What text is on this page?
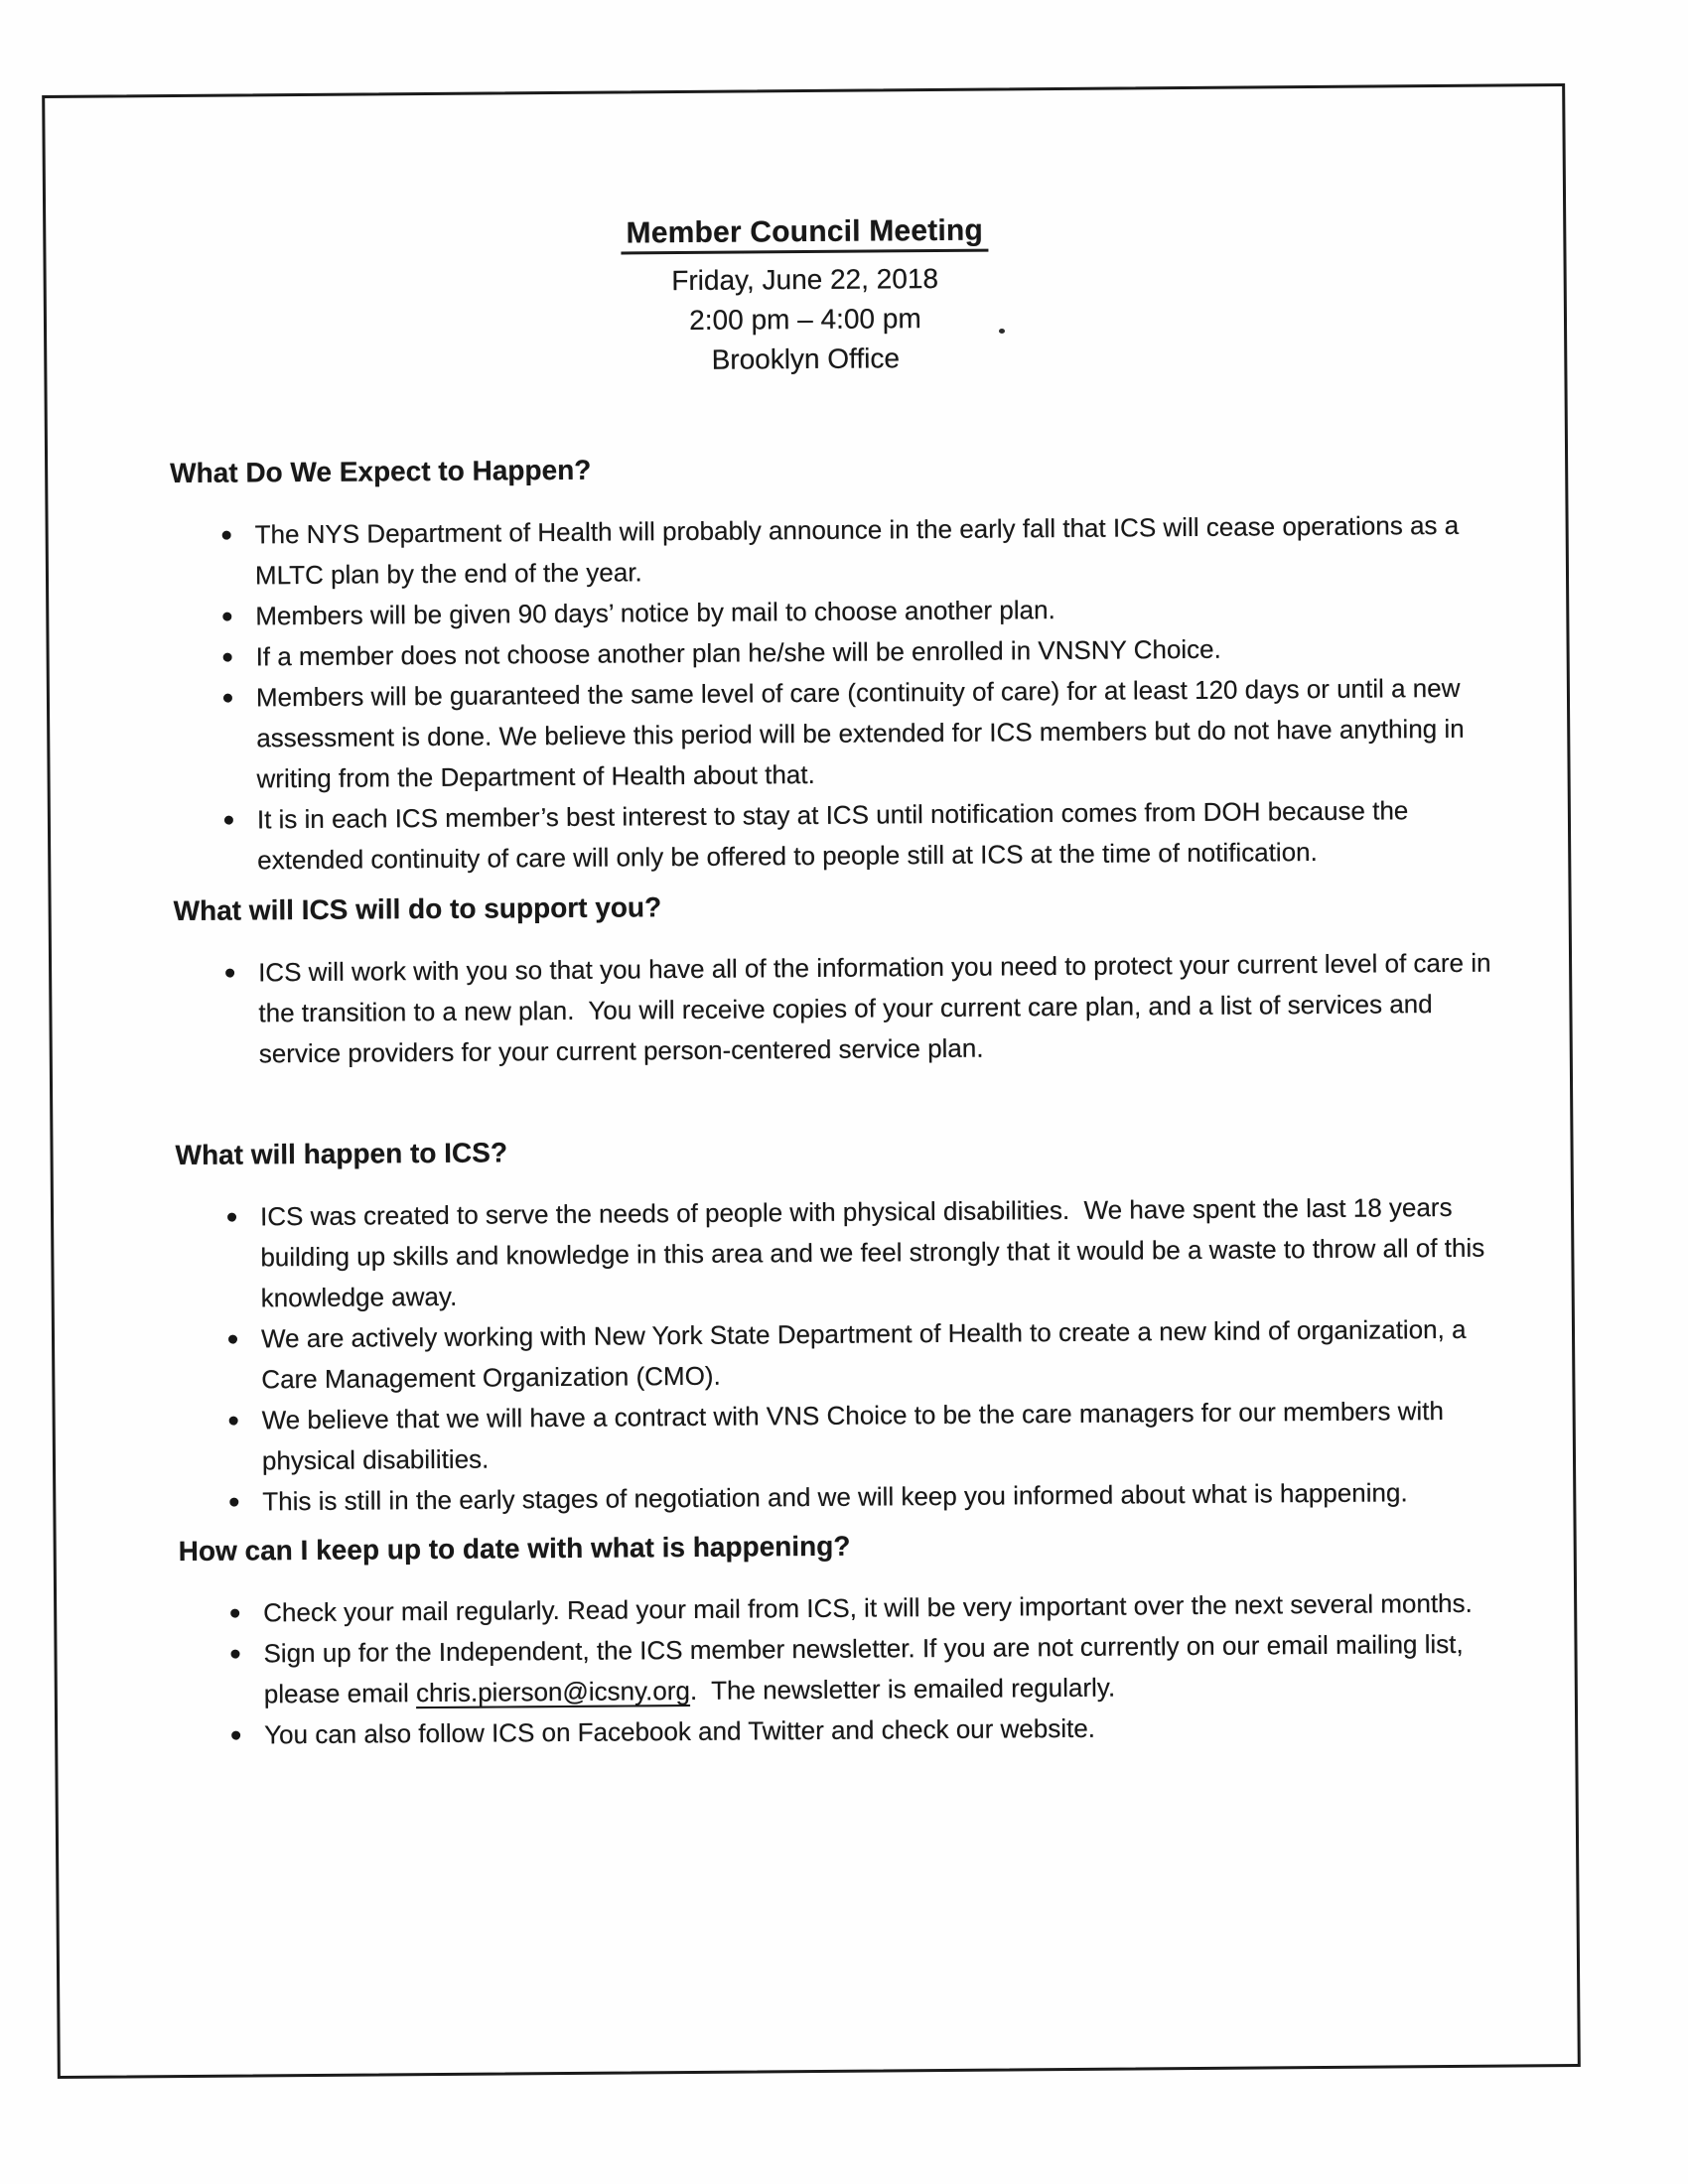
Member Council Meeting
Friday, June 22, 2018
2:00 pm – 4:00 pm
Brooklyn Office
What Do We Expect to Happen?
The NYS Department of Health will probably announce in the early fall that ICS will cease operations as a MLTC plan by the end of the year.
Members will be given 90 days’ notice by mail to choose another plan.
If a member does not choose another plan he/she will be enrolled in VNSNY Choice.
Members will be guaranteed the same level of care (continuity of care) for at least 120 days or until a new assessment is done. We believe this period will be extended for ICS members but do not have anything in writing from the Department of Health about that.
It is in each ICS member’s best interest to stay at ICS until notification comes from DOH because the extended continuity of care will only be offered to people still at ICS at the time of notification.
What will ICS will do to support you?
ICS will work with you so that you have all of the information you need to protect your current level of care in the transition to a new plan.  You will receive copies of your current care plan, and a list of services and service providers for your current person-centered service plan.
What will happen to ICS?
ICS was created to serve the needs of people with physical disabilities.  We have spent the last 18 years building up skills and knowledge in this area and we feel strongly that it would be a waste to throw all of this knowledge away.
We are actively working with New York State Department of Health to create a new kind of organization, a Care Management Organization (CMO).
We believe that we will have a contract with VNS Choice to be the care managers for our members with physical disabilities.
This is still in the early stages of negotiation and we will keep you informed about what is happening.
How can I keep up to date with what is happening?
Check your mail regularly. Read your mail from ICS, it will be very important over the next several months.
Sign up for the Independent, the ICS member newsletter. If you are not currently on our email mailing list, please email chris.pierson@icsny.org.  The newsletter is emailed regularly.
You can also follow ICS on Facebook and Twitter and check our website.
